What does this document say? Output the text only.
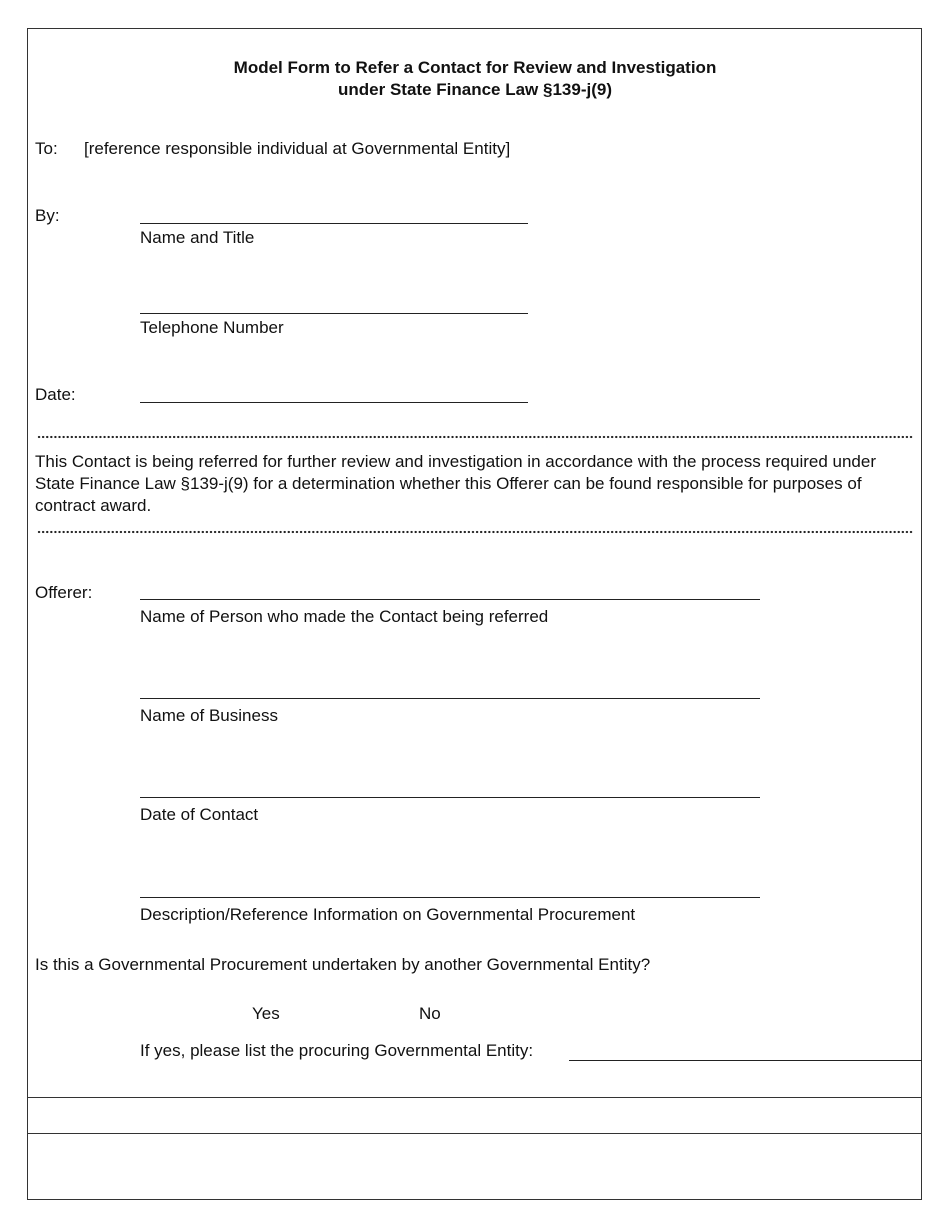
Model Form to Refer a Contact for Review and Investigation
under State Finance Law §139-j(9)
To: [reference responsible individual at Governmental Entity]
By:
Name and Title
Telephone Number
Date:
This Contact is being referred for further review and investigation in accordance with the process required under State Finance Law §139-j(9) for a determination whether this Offerer can be found responsible for purposes of contract award.
Offerer:
Name of Person who made the Contact being referred
Name of Business
Date of Contact
Description/Reference Information on Governmental Procurement
Is this a Governmental Procurement undertaken by another Governmental Entity?
Yes	No
If yes, please list the procuring Governmental Entity:
